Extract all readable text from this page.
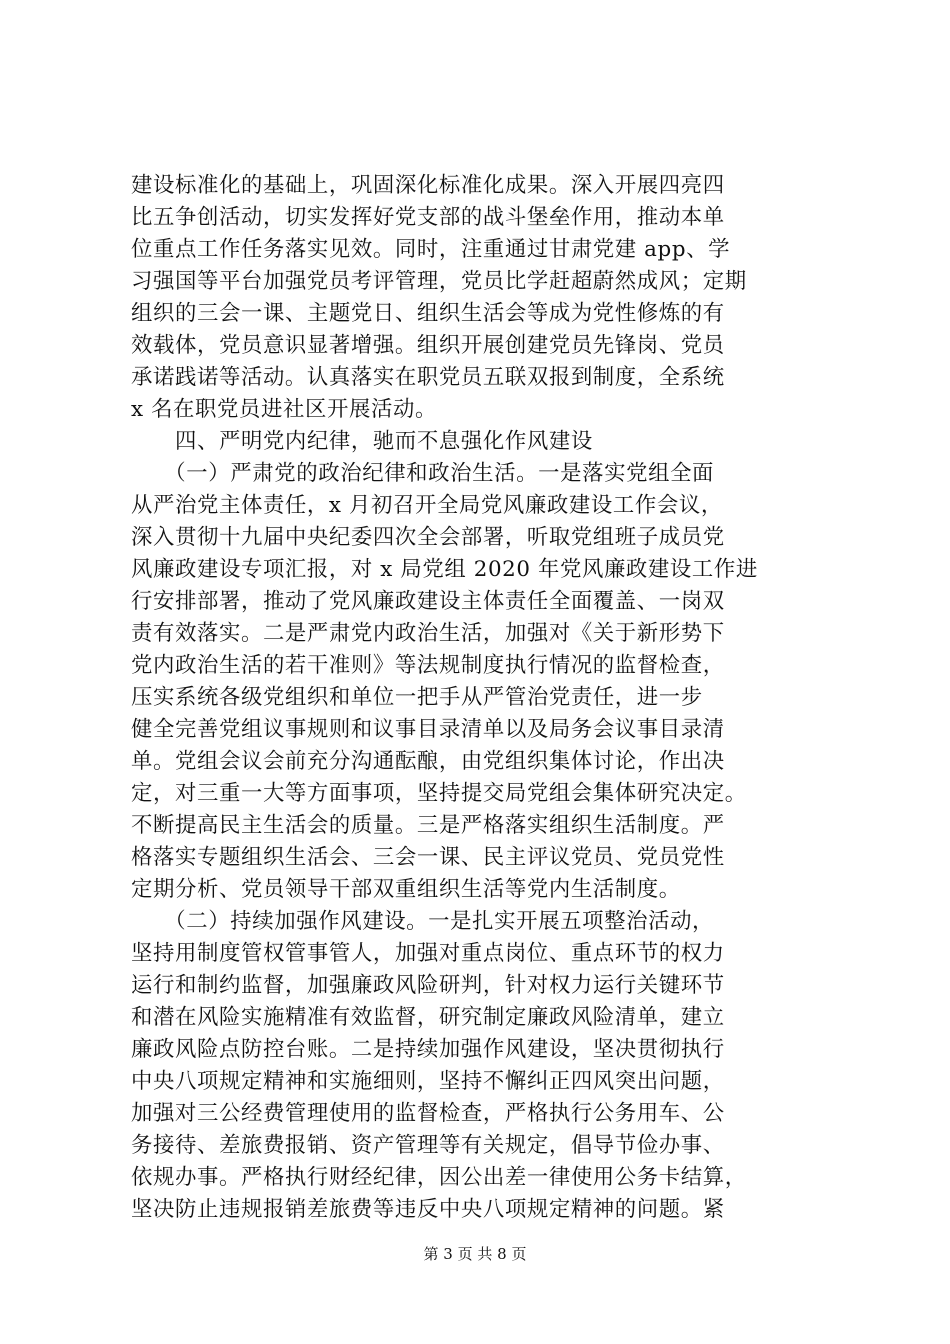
建设标准化的基础上，巩固深化标准化成果。深入开展四亮四
比五争创活动，切实发挥好党支部的战斗堡垒作用，推动本单
位重点工作任务落实见效。同时，注重通过甘肃党建 app、学
习强国等平台加强党员考评管理，党员比学赶超蔚然成风；定期
组织的三会一课、主题党日、组织生活会等成为党性修炼的有
效载体，党员意识显著增强。组织开展创建党员先锋岗、党员
承诺践诺等活动。认真落实在职党员五联双报到制度，全系统
x 名在职党员进社区开展活动。
　　四、严明党内纪律，驰而不息强化作风建设
　　（一）严肃党的政治纪律和政治生活。一是落实党组全面
从严治党主体责任，x 月初召开全局党风廉政建设工作会议，
深入贯彻十九届中央纪委四次全会部署，听取党组班子成员党
风廉政建设专项汇报，对 x 局党组 2020 年党风廉政建设工作进
行安排部署，推动了党风廉政建设主体责任全面覆盖、一岗双
责有效落实。二是严肃党内政治生活，加强对《关于新形势下
党内政治生活的若干准则》等法规制度执行情况的监督检查，
压实系统各级党组织和单位一把手从严管治党责任，进一步
健全完善党组议事规则和议事目录清单以及局务会议事目录清
单。党组会议会前充分沟通酝酿，由党组织集体讨论，作出决
定，对三重一大等方面事项，坚持提交局党组会集体研究决定。
不断提高民主生活会的质量。三是严格落实组织生活制度。严
格落实专题组织生活会、三会一课、民主评议党员、党员党性
定期分析、党员领导干部双重组织生活等党内生活制度。
　　（二）持续加强作风建设。一是扎实开展五项整治活动，
坚持用制度管权管事管人，加强对重点岗位、重点环节的权力
运行和制约监督，加强廉政风险研判，针对权力运行关键环节
和潜在风险实施精准有效监督，研究制定廉政风险清单，建立
廉政风险点防控台账。二是持续加强作风建设，坚决贯彻执行
中央八项规定精神和实施细则，坚持不懈纠正四风突出问题，
加强对三公经费管理使用的监督检查，严格执行公务用车、公
务接待、差旅费报销、资产管理等有关规定，倡导节俭办事、
依规办事。严格执行财经纪律，因公出差一律使用公务卡结算，
坚决防止违规报销差旅费等违反中央八项规定精神的问题。紧
第 3 页 共 8 页
